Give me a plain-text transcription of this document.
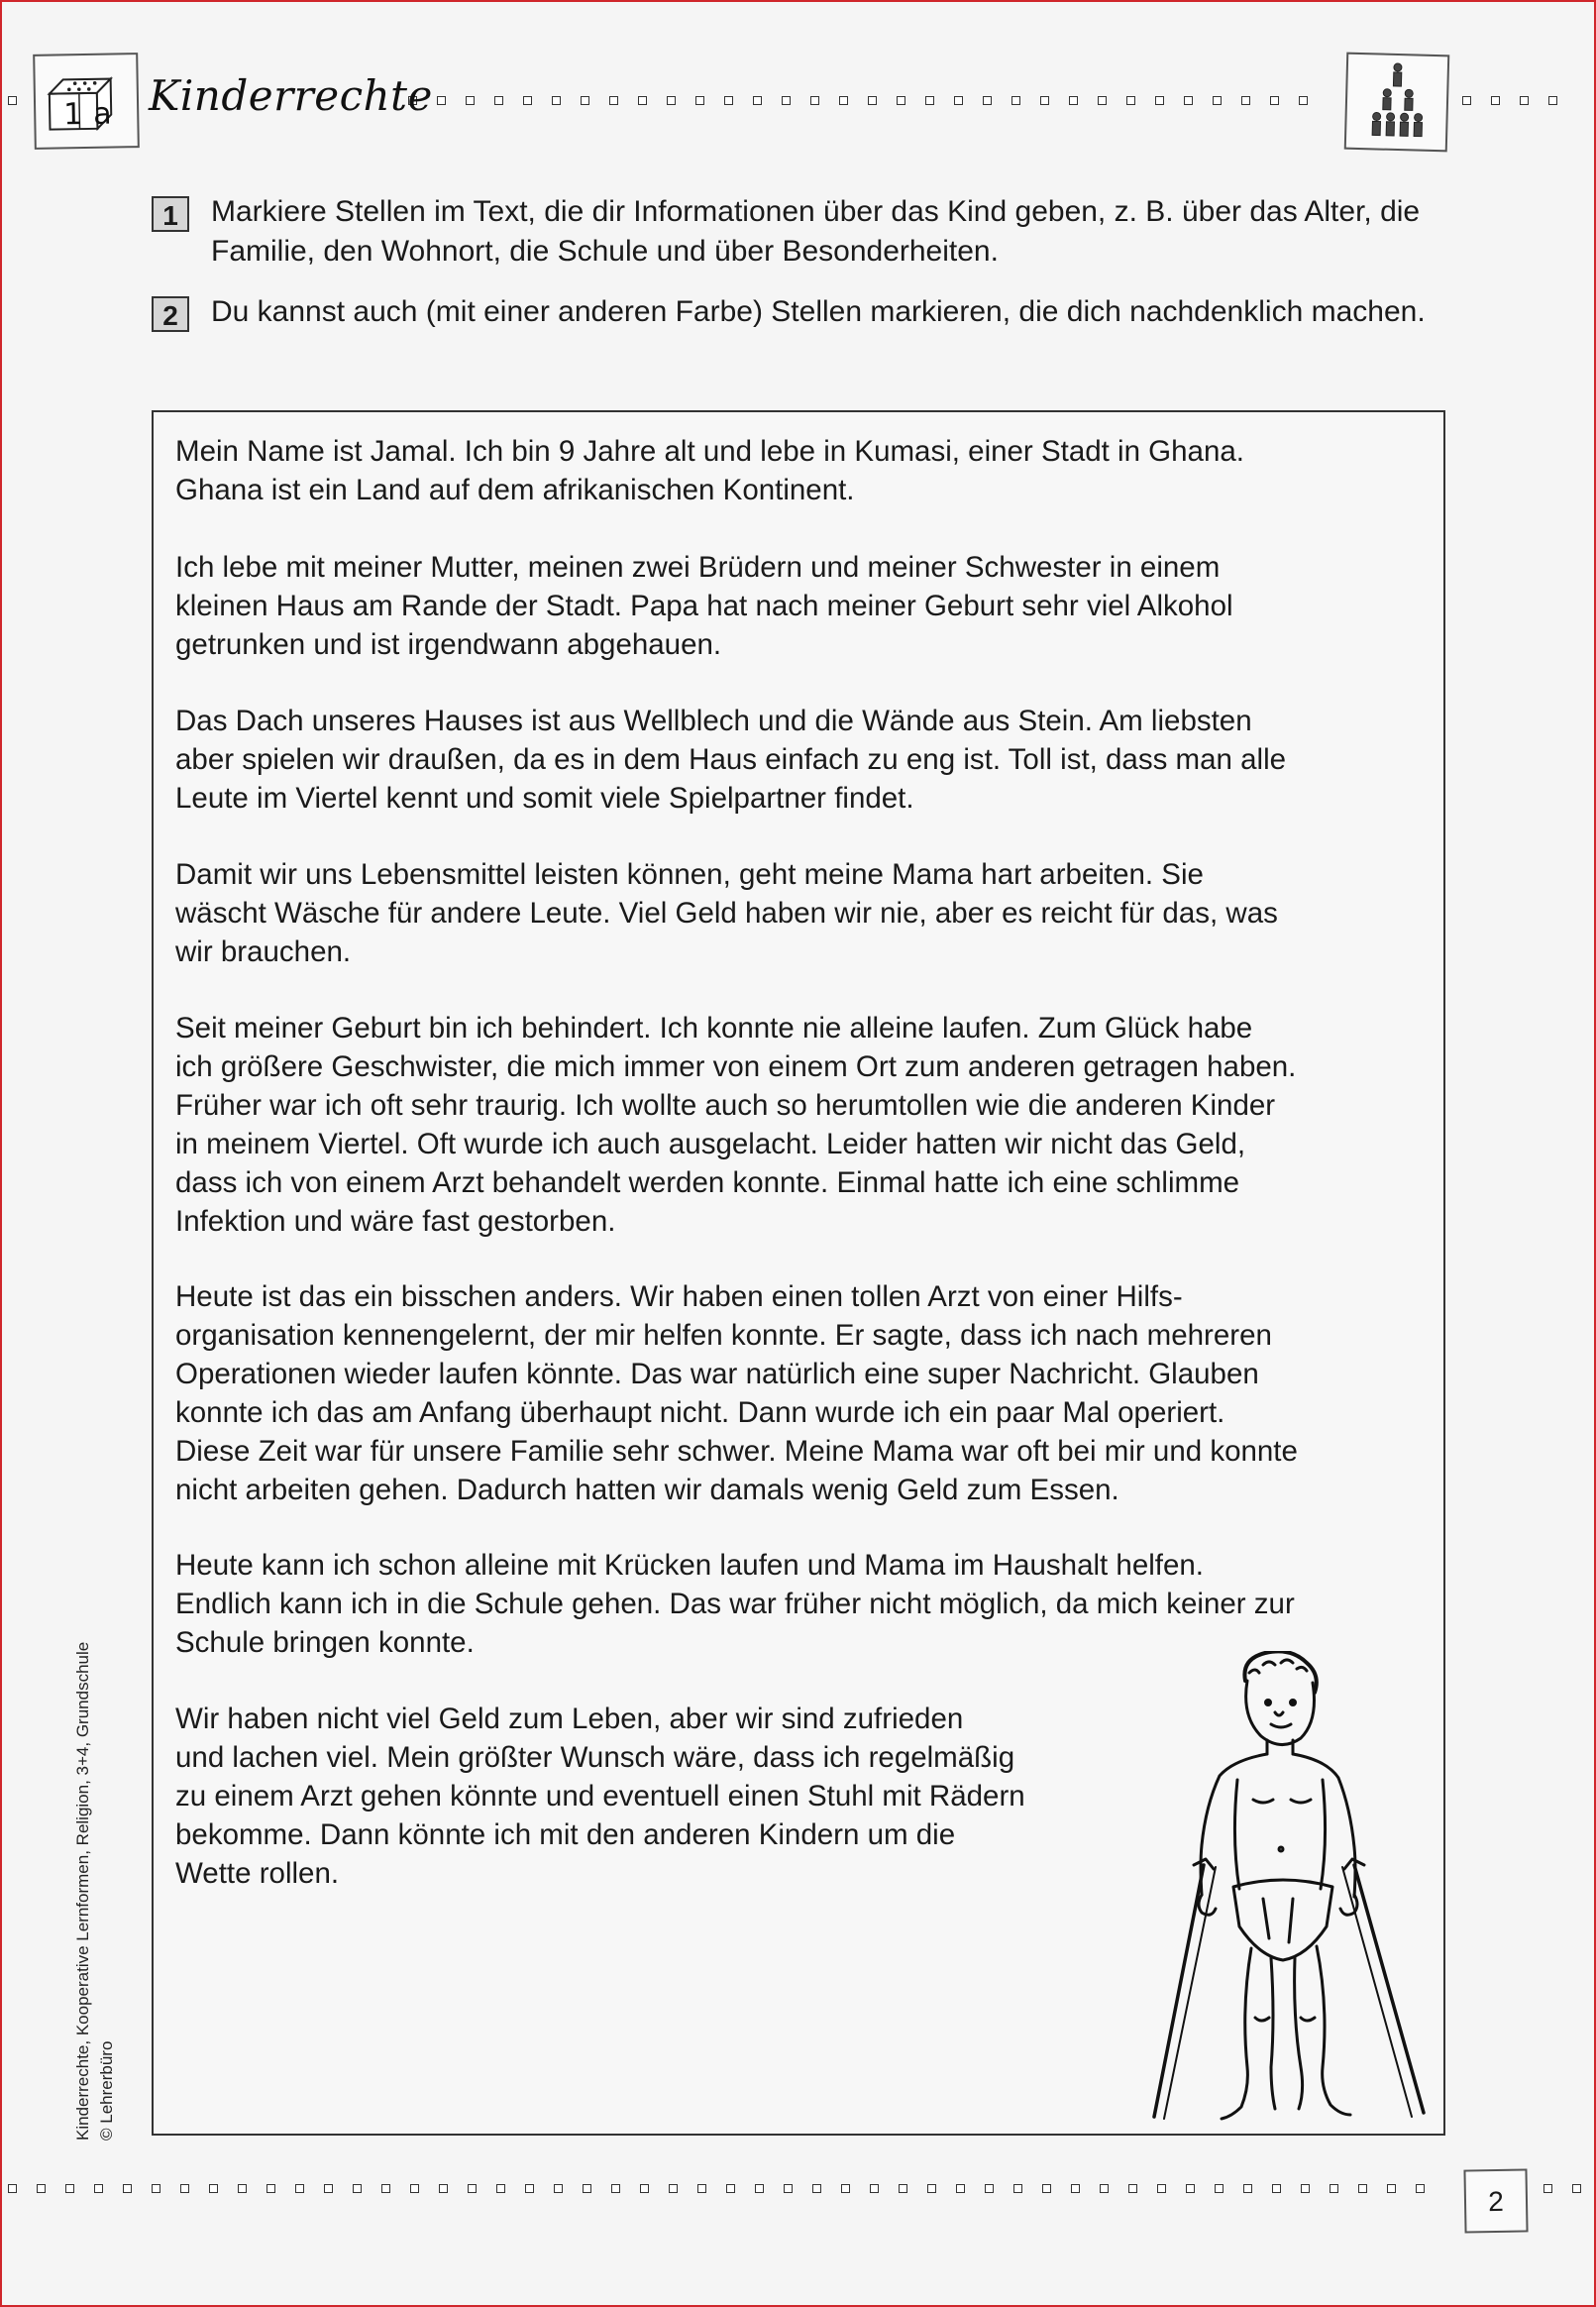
1 a Kinderrechte
1	Markiere Stellen im Text, die dir Informationen über das Kind geben, z. B. über das Alter, die Familie, den Wohnort, die Schule und über Besonderheiten.
2	Du kannst auch (mit einer anderen Farbe) Stellen markieren, die dich nachdenklich machen.
Mein Name ist Jamal. Ich bin 9 Jahre alt und lebe in Kumasi, einer Stadt in Ghana.
Ghana ist ein Land auf dem afrikanischen Kontinent.
Ich lebe mit meiner Mutter, meinen zwei Brüdern und meiner Schwester in einem
kleinen Haus am Rande der Stadt. Papa hat nach meiner Geburt sehr viel Alkohol
getrunken und ist irgendwann abgehauen.
Das Dach unseres Hauses ist aus Wellblech und die Wände aus Stein. Am liebsten
aber spielen wir draußen, da es in dem Haus einfach zu eng ist. Toll ist, dass man alle
Leute im Viertel kennt und somit viele Spielpartner findet.
Damit wir uns Lebensmittel leisten können, geht meine Mama hart arbeiten. Sie
wäscht Wäsche für andere Leute. Viel Geld haben wir nie, aber es reicht für das, was
wir brauchen.
Seit meiner Geburt bin ich behindert. Ich konnte nie alleine laufen. Zum Glück habe
ich größere Geschwister, die mich immer von einem Ort zum anderen getragen haben.
Früher war ich oft sehr traurig. Ich wollte auch so herumtollen wie die anderen Kinder
in meinem Viertel. Oft wurde ich auch ausgelacht. Leider hatten wir nicht das Geld,
dass ich von einem Arzt behandelt werden konnte. Einmal hatte ich eine schlimme
Infektion und wäre fast gestorben.
Heute ist das ein bisschen anders. Wir haben einen tollen Arzt von einer Hilfs-
organisation kennengelernt, der mir helfen konnte. Er sagte, dass ich nach mehreren
Operationen wieder laufen könnte. Das war natürlich eine super Nachricht. Glauben
konnte ich das am Anfang überhaupt nicht. Dann wurde ich ein paar Mal operiert.
Diese Zeit war für unsere Familie sehr schwer. Meine Mama war oft bei mir und konnte
nicht arbeiten gehen. Dadurch hatten wir damals wenig Geld zum Essen.
Heute kann ich schon alleine mit Krücken laufen und Mama im Haushalt helfen.
Endlich kann ich in die Schule gehen. Das war früher nicht möglich, da mich keiner zur
Schule bringen konnte.
Wir haben nicht viel Geld zum Leben, aber wir sind zufrieden
und lachen viel. Mein größter Wunsch wäre, dass ich regelmäßig
zu einem Arzt gehen könnte und eventuell einen Stuhl mit Rädern
bekomme. Dann könnte ich mit den anderen Kindern um die
Wette rollen.
Kinderrechte, Kooperative Lernformen, Religion, 3+4, Grundschule © Lehrerbüro
2
